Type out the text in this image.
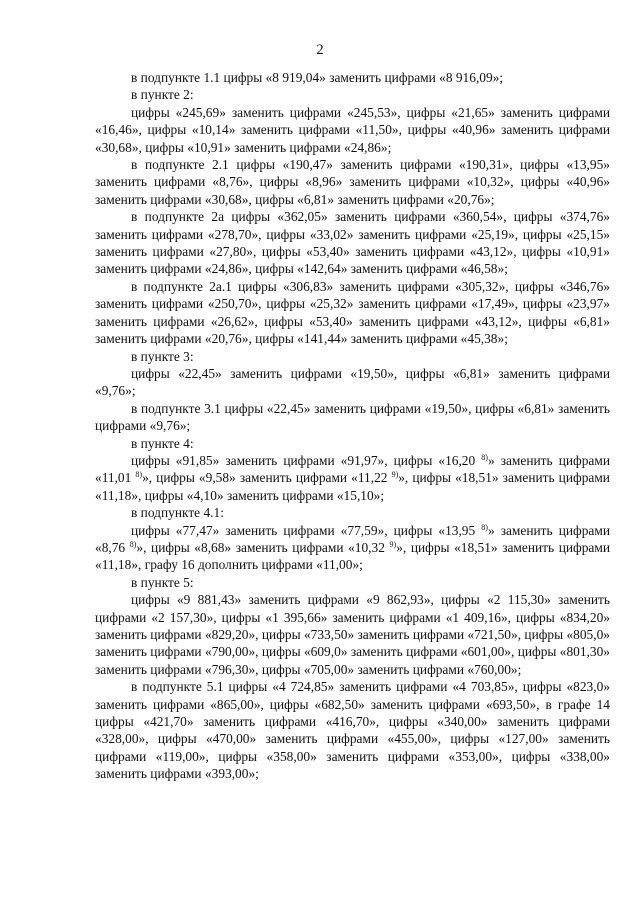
2

в подпункте 1.1 цифры «8 919,04» заменить цифрами «8 916,09»;

в пункте 2:

цифры «245,69» заменить цифрами «245,53», цифры «21,65» заменить цифрами «16,46», цифры «10,14» заменить цифрами «11,50», цифры «40,96» заменить цифрами «30,68», цифры «10,91» заменить цифрами «24,86»;

в подпункте 2.1 цифры «190,47» заменить цифрами «190,31», цифры «13,95» заменить цифрами «8,76», цифры «8,96» заменить цифрами «10,32», цифры «40,96» заменить цифрами «30,68», цифры «6,81» заменить цифрами «20,76»;

в подпункте 2а цифры «362,05» заменить цифрами «360,54», цифры «374,76» заменить цифрами «278,70», цифры «33,02» заменить цифрами «25,19», цифры «25,15» заменить цифрами «27,80», цифры «53,40» заменить цифрами «43,12», цифры «10,91» заменить цифрами «24,86», цифры «142,64» заменить цифрами «46,58»;

в подпункте 2а.1 цифры «306,83» заменить цифрами «305,32», цифры «346,76» заменить цифрами «250,70», цифры «25,32» заменить цифрами «17,49», цифры «23,97» заменить цифрами «26,62», цифры «53,40» заменить цифрами «43,12», цифры «6,81» заменить цифрами «20,76», цифры «141,44» заменить цифрами «45,38»;

в пункте 3:

цифры «22,45» заменить цифрами «19,50», цифры «6,81» заменить цифрами «9,76»;

в подпункте 3.1 цифры «22,45» заменить цифрами «19,50», цифры «6,81» заменить цифрами «9,76»;

в пункте 4:

цифры «91,85» заменить цифрами «91,97», цифры «16,20 $^{8)}$» заменить цифрами «11,01 $^{8)}$», цифры «9,58» заменить цифрами «11,22 $^{9)}$», цифры «18,51» заменить цифрами «11,18», цифры «4,10» заменить цифрами «15,10»;

в подпункте 4.1:

цифры «77,47» заменить цифрами «77,59», цифры «13,95 $^{8)}$» заменить цифрами «8,76 $^{8)}$», цифры «8,68» заменить цифрами «10,32 $^{9)}$», цифры «18,51» заменить цифрами «11,18», графу 16 дополнить цифрами «11,00»;

в пункте 5:

цифры «9 881,43» заменить цифрами «9 862,93», цифры «2 115,30» заменить цифрами «2 157,30», цифры «1 395,66» заменить цифрами «1 409,16», цифры «834,20» заменить цифрами «829,20», цифры «733,50» заменить цифрами «721,50», цифры «805,0» заменить цифрами «790,00», цифры «609,0» заменить цифрами «601,00», цифры «801,30» заменить цифрами «796,30», цифры «705,00» заменить цифрами «760,00»;

в подпункте 5.1 цифры «4 724,85» заменить цифрами «4 703,85», цифры «823,0» заменить цифрами «865,00», цифры «682,50» заменить цифрами «693,50», в графе 14 цифры «421,70» заменить цифрами «416,70», цифры «340,00» заменить цифрами «328,00», цифры «470,00» заменить цифрами «455,00», цифры «127,00» заменить цифрами «119,00», цифры «358,00» заменить цифрами «353,00», цифры «338,00» заменить цифрами «393,00»;
